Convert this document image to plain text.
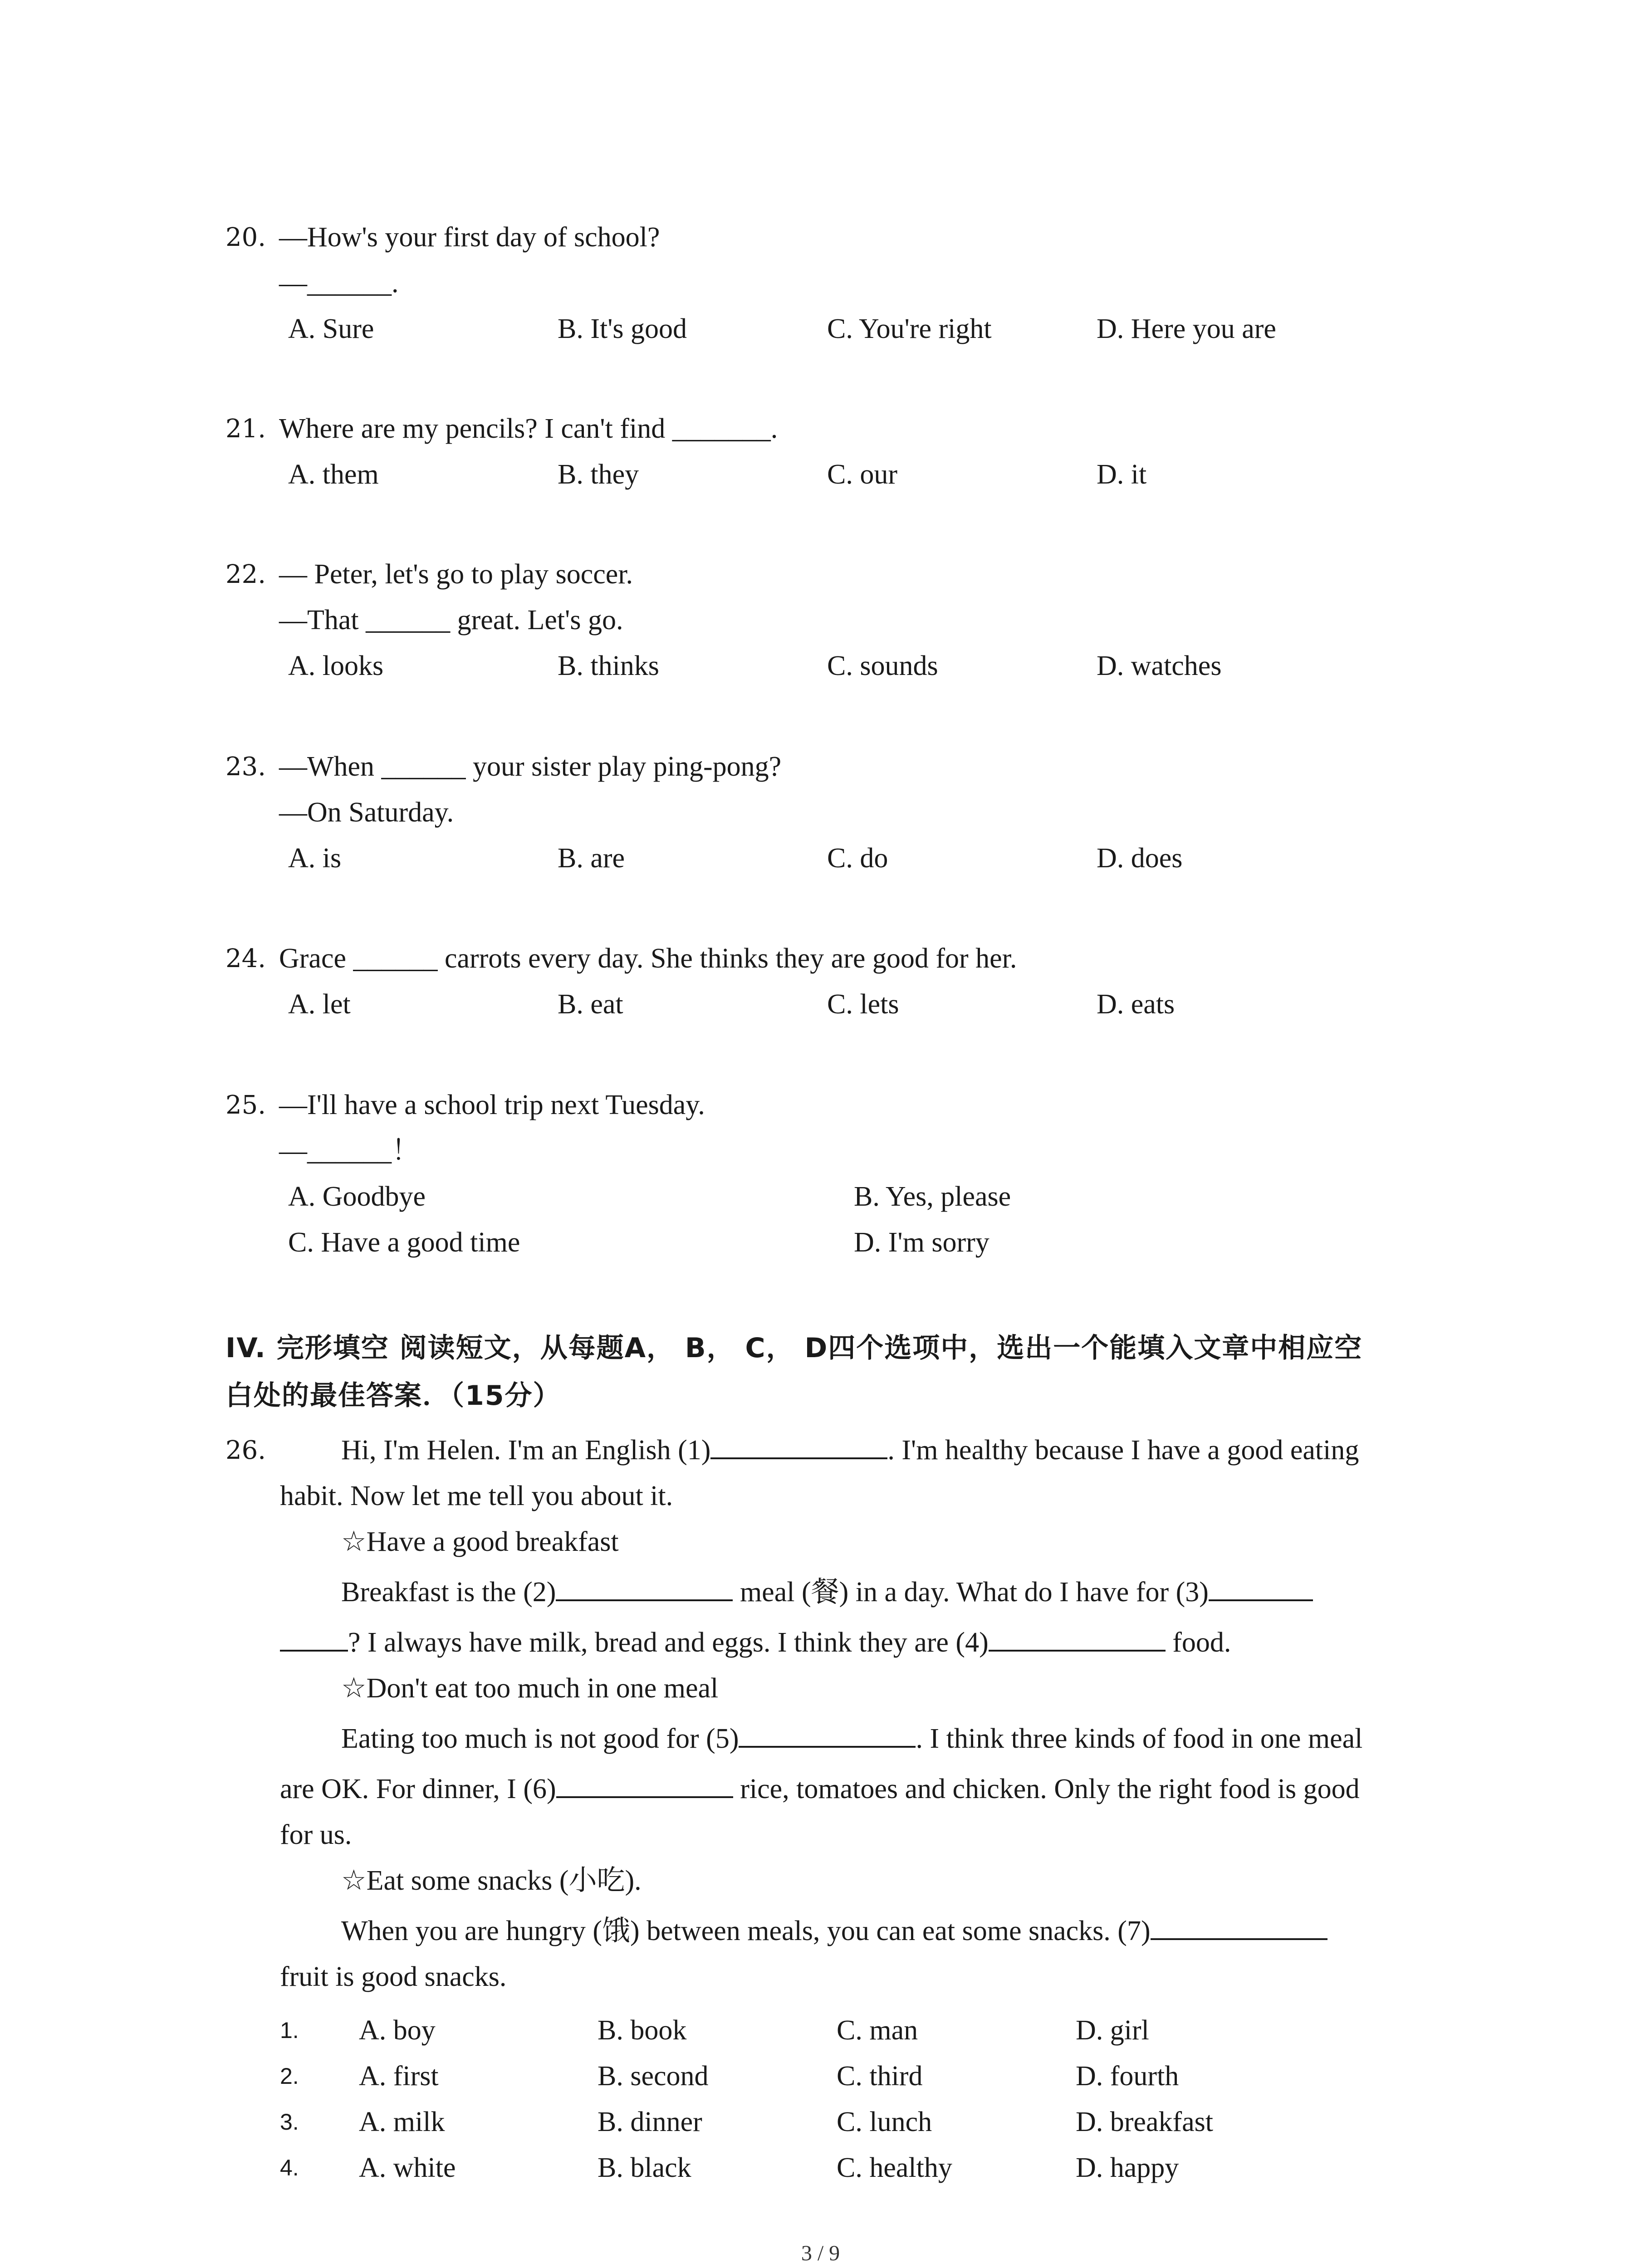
20. —How's your first day of school?
—______.
A. Sure	B. It's good	C. You're right	D. Here you are
21. Where are my pencils? I can't find _______.
A. them	B. they	C. our	D. it
22. — Peter, let's go to play soccer.
—That ______ great. Let's go.
A. looks	B. thinks	C. sounds	D. watches
23. —When ______ your sister play ping-pong?
—On Saturday.
A. is	B. are	C. do	D. does
24. Grace ______ carrots every day. She thinks they are good for her.
A. let	B. eat	C. lets	D. eats
25. —I'll have a school trip next Tuesday.
—______！
A. Goodbye	B. Yes, please
C. Have a good time	D. I'm sorry
IV. 完形填空 阅读短文，从每题A， B， C， D四个选项中，选出一个能填入文章中相应空
白处的最佳答案．（15分）
26.	Hi, I'm Helen. I'm an English (1)	. I'm healthy because I have a good eating
habit. Now let me tell you about it.
☆Have a good breakfast
Breakfast is the (2)	meal (餐) in a day. What do I have for (3)
? I always have milk, bread and eggs. I think they are (4)	food.
☆Don't eat too much in one meal
Eating too much is not good for (5)	. I think three kinds of food in one meal
are OK. For dinner, I (6)	rice, tomatoes and chicken. Only the right food is good
for us.
☆Eat some snacks (小吃).
When you are hungry (饿) between meals, you can eat some snacks. (7)
fruit is good snacks.
1. A. boy	B. book	C. man	D. girl
2. A. first	B. second	C. third	D. fourth
3. A. milk	B. dinner	C. lunch	D. breakfast
4. A. white	B. black	C. healthy	D. happy
3 / 9
